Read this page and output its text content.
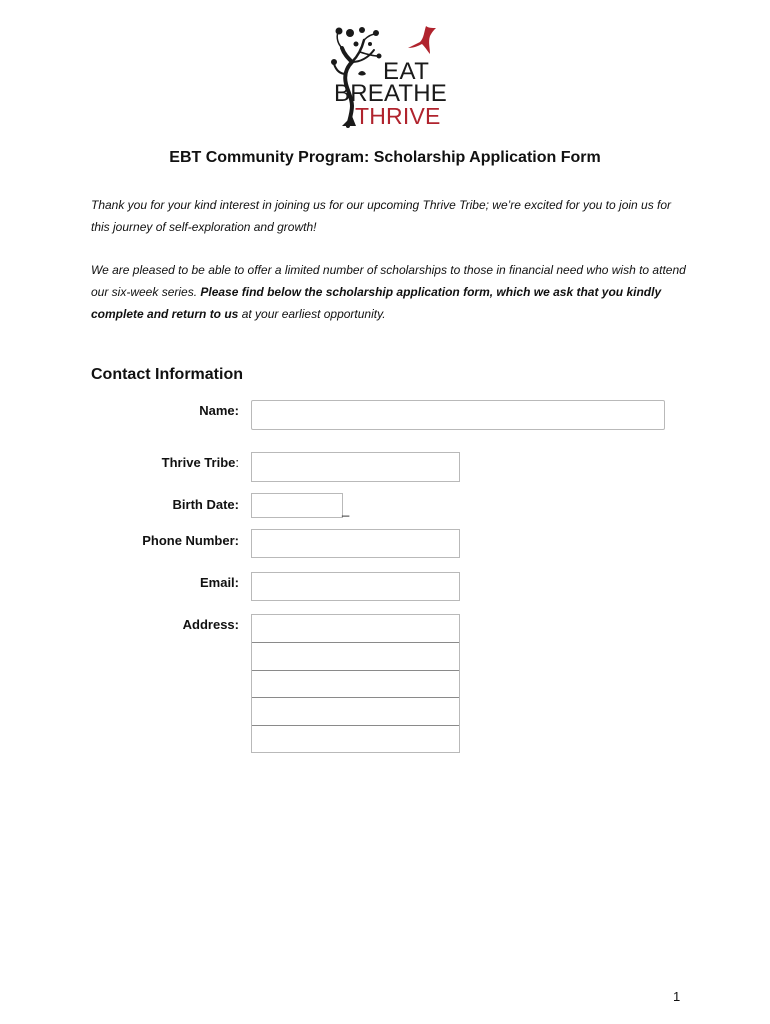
EAT
BREATHE
THRIVE
EBT Community Program: Scholarship Application Form

Thank you for your kind interest in joining us for our upcoming Thrive Tribe; we’re excited for you to join us for this journey of self-exploration and growth!

We are pleased to be able to offer a limited number of scholarships to those in financial need who wish to attend our six-week series. Please find below the scholarship application form, which we ask that you kindly complete and return to us at your earliest opportunity.

Contact Information
Name:
Thrive Tribe:
Birth Date:	_
Phone Number:
Email:
Address:
1
